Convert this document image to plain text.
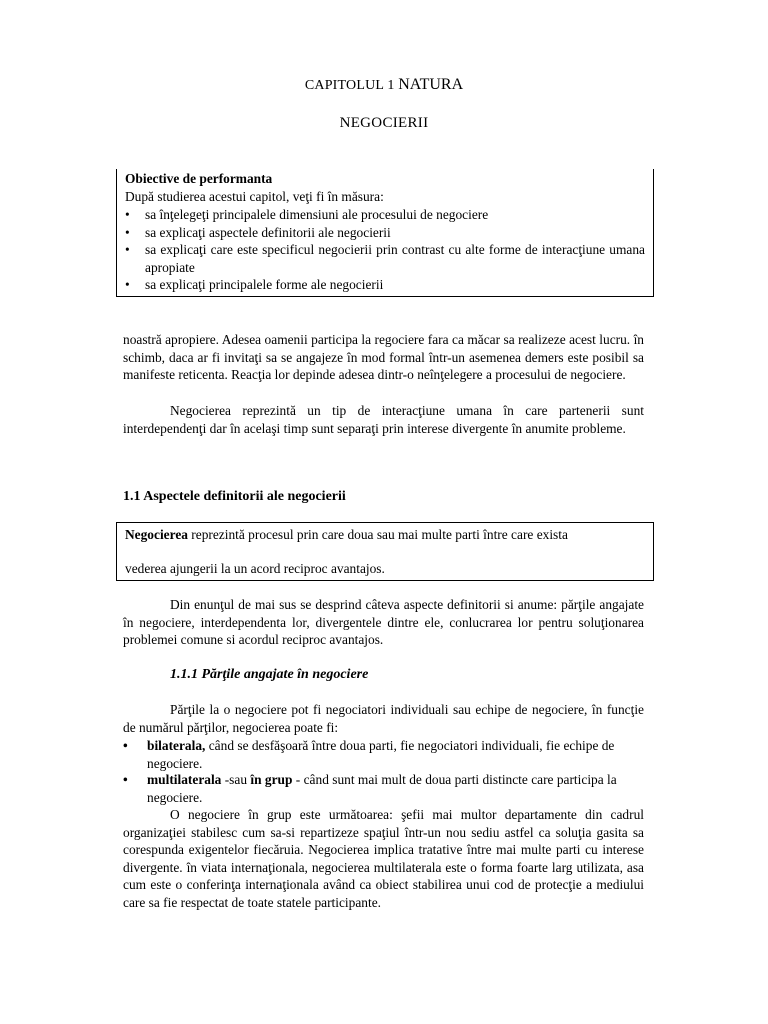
CAPITOLUL 1 NATURA
NEGOCIERII
Obiective de performanta
După studierea acestui capitol, veţi fi în măsura:
• sa înţelegeţi principalele dimensiuni ale procesului de negociere
• sa explicaţi aspectele definitorii ale negocierii
• sa explicaţi care este specificul negocierii prin contrast cu alte forme de interacţiune umana apropiate
• sa explicaţi principalele forme ale negocierii
noastră apropiere. Adesea oamenii participa la regociere fara ca măcar sa realizeze acest lucru. în schimb, daca ar fi invitaţi sa se angajeze în mod formal într-un asemenea demers este posibil sa manifeste reticenta. Reacţia lor depinde adesea dintr-o neînţelegere a procesului de negociere.
Negocierea reprezintă un tip de interacţiune umana în care partenerii sunt interdependenţi dar în acelaşi timp sunt separaţi prin interese divergente în anumite probleme.
1.1 Aspectele definitorii ale negocierii
Negocierea reprezintă procesul prin care doua sau mai multe parti între care exista
vederea ajungerii la un acord reciproc avantajos.
Din enunţul de mai sus se desprind câteva aspecte definitorii si anume: părţile angajate în negociere, interdependenta lor, divergentele dintre ele, conlucrarea lor pentru soluţionarea problemei comune si acordul reciproc avantajos.
1.1.1 Părţile angajate în negociere
Părţile la o negociere pot fi negociatori individuali sau echipe de negociere, în funcţie de numărul părţilor, negocierea poate fi:
• bilaterala, când se desfăşoară între doua parti, fie negociatori individuali, fie echipe de negociere.
• multilaterala -sau în grup - când sunt mai mult de doua parti distincte care participa la negociere.
O negociere în grup este următoarea: şefii mai multor departamente din cadrul organizaţiei stabilesc cum sa-si repartizeze spaţiul într-un nou sediu astfel ca soluţia gasita sa corespunda exigentelor fiecăruia. Negocierea implica tratative între mai multe parti cu interese divergente. în viata internaţionala, negocierea multilaterala este o forma foarte larg utilizata, asa cum este o conferinţa internaţionala având ca obiect stabilirea unui cod de protecţie a mediului care sa fie respectat de toate statele participante.
